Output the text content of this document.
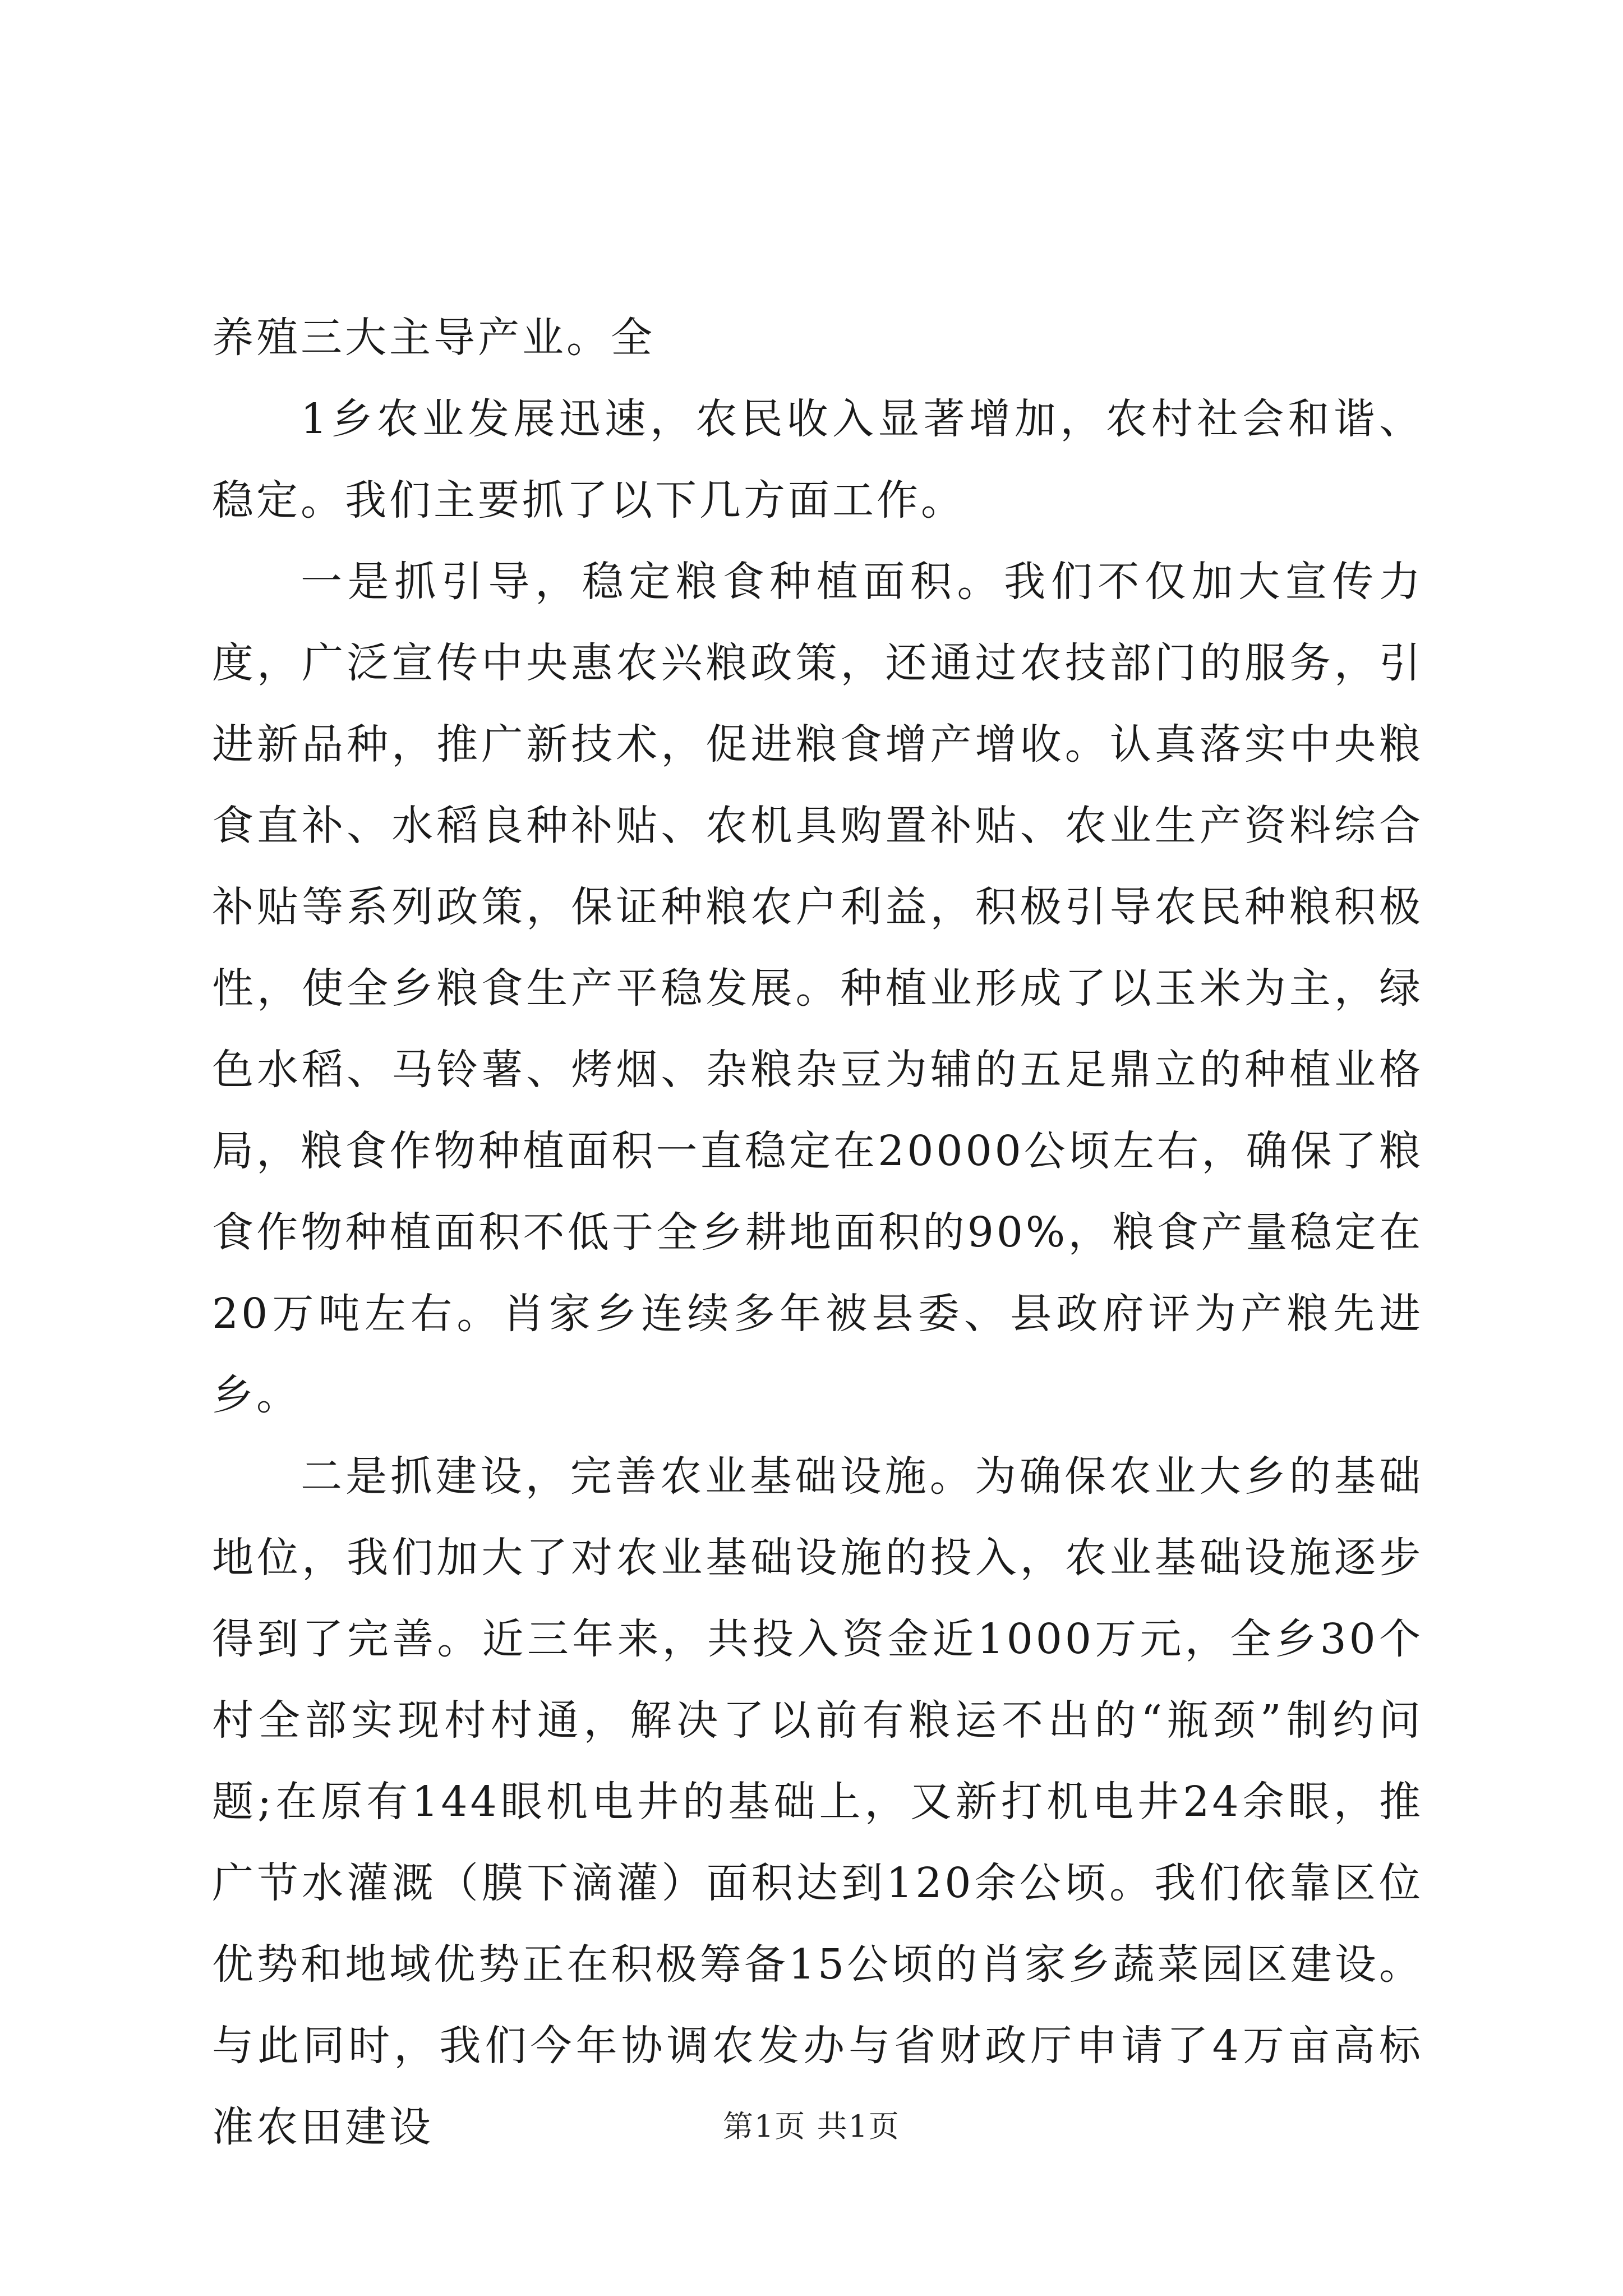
养殖三大主导产业。全

1乡农业发展迅速，农民收入显著增加，农村社会和谐、稳定。我们主要抓了以下几方面工作。

一是抓引导，稳定粮食种植面积。我们不仅加大宣传力度，广泛宣传中央惠农兴粮政策，还通过农技部门的服务，引进新品种，推广新技术，促进粮食增产增收。认真落实中央粮食直补、水稻良种补贴、农机具购置补贴、农业生产资料综合补贴等系列政策，保证种粮农户利益，积极引导农民种粮积极性，使全乡粮食生产平稳发展。种植业形成了以玉米为主，绿色水稻、马铃薯、烤烟、杂粮杂豆为辅的五足鼎立的种植业格局，粮食作物种植面积一直稳定在20000公顷左右，确保了粮食作物种植面积不低于全乡耕地面积的90%，粮食产量稳定在20万吨左右。肖家乡连续多年被县委、县政府评为产粮先进乡。

二是抓建设，完善农业基础设施。为确保农业大乡的基础地位，我们加大了对农业基础设施的投入，农业基础设施逐步得到了完善。近三年来，共投入资金近1000万元，全乡30个村全部实现村村通，解决了以前有粮运不出的“瓶颈”制约问题;在原有144眼机电井的基础上，又新打机电井24余眼，推广节水灌溉（膜下滴灌）面积达到120余公顷。我们依靠区位优势和地域优势正在积极筹备15公顷的肖家乡蔬菜园区建设。与此同时，我们今年协调农发办与省财政厅申请了4万亩高标准农田建设	第1页 共1页
